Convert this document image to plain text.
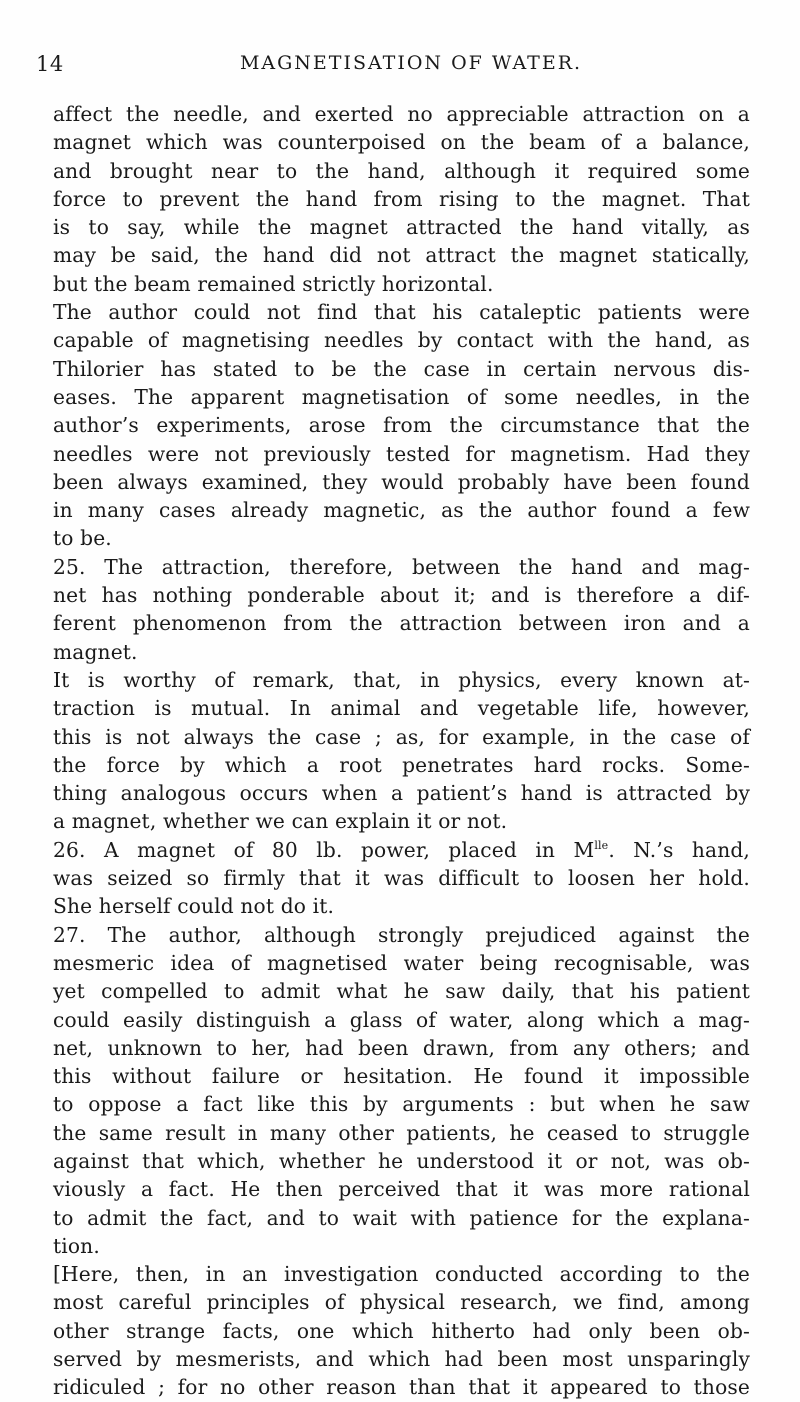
14	MAGNETISATION OF WATER.
affect the needle, and exerted no appreciable attraction on a
magnet which was counterpoised on the beam of a balance,
and brought near to the hand, although it required some
force to prevent the hand from rising to the magnet. That
is to say, while the magnet attracted the hand vitally, as
may be said, the hand did not attract the magnet statically,
but the beam remained strictly horizontal.
The author could not find that his cataleptic patients were
capable of magnetising needles by contact with the hand, as
Thilorier has stated to be the case in certain nervous dis-
eases. The apparent magnetisation of some needles, in the
author’s experiments, arose from the circumstance that the
needles were not previously tested for magnetism. Had they
been always examined, they would probably have been found
in many cases already magnetic, as the author found a few
to be.
25. The attraction, therefore, between the hand and mag-
net has nothing ponderable about it; and is therefore a dif-
ferent phenomenon from the attraction between iron and a
magnet.
It is worthy of remark, that, in physics, every known at-
traction is mutual. In animal and vegetable life, however,
this is not always the case ; as, for example, in the case of
the force by which a root penetrates hard rocks. Some-
thing analogous occurs when a patient’s hand is attracted by
a magnet, whether we can explain it or not.
26. A magnet of 80 lb. power, placed in $M^{lle}$. N.’s hand,
was seized so firmly that it was difficult to loosen her hold.
She herself could not do it.
27. The author, although strongly prejudiced against the
mesmeric idea of magnetised water being recognisable, was
yet compelled to admit what he saw daily, that his patient
could easily distinguish a glass of water, along which a mag-
net, unknown to her, had been drawn, from any others; and
this without failure or hesitation. He found it impossible
to oppose a fact like this by arguments : but when he saw
the same result in many other patients, he ceased to struggle
against that which, whether he understood it or not, was ob-
viously a fact. He then perceived that it was more rational
to admit the fact, and to wait with patience for the explana-
tion.
[Here, then, in an investigation conducted according to the
most careful principles of physical research, we find, among
other strange facts, one which hitherto had only been ob-
served by mesmerists, and which had been most unsparingly
ridiculed ; for no other reason than that it appeared to those
